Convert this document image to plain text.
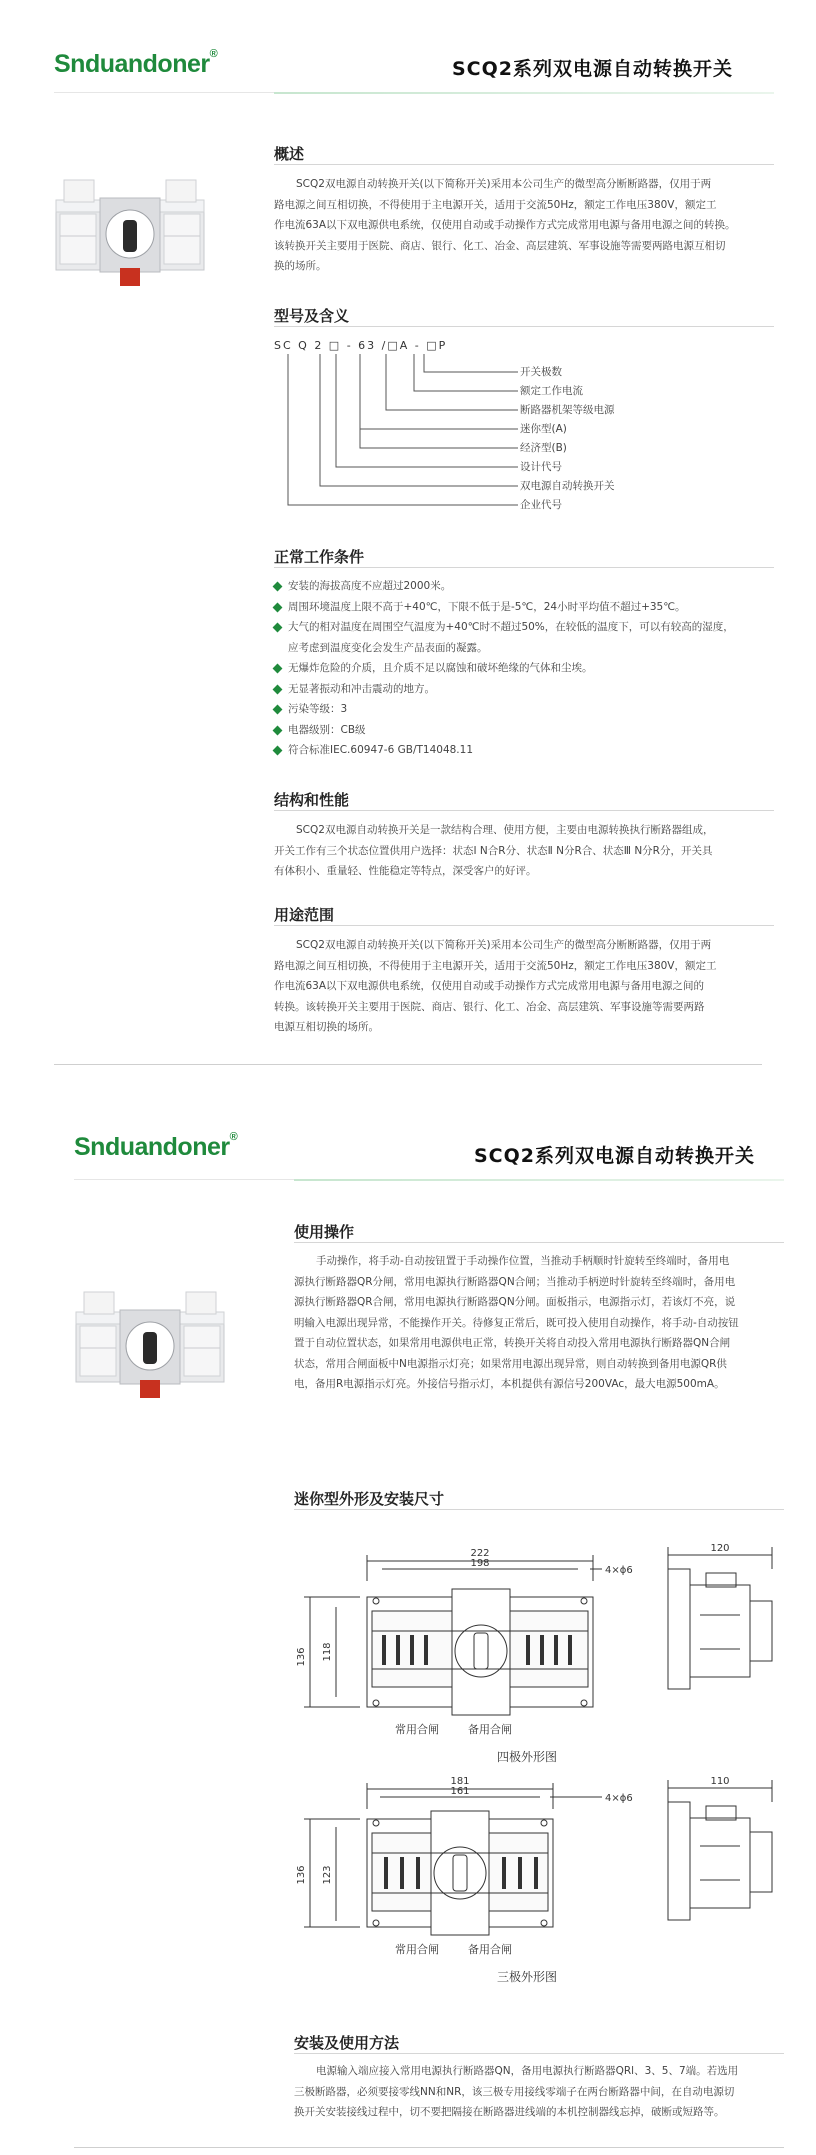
Snduandoner®
SCQ2系列双电源自动转换开关
概述
SCQ2双电源自动转换开关(以下简称开关)采用本公司生产的微型高分断断路器，仅用于两
路电源之间互相切换，不得使用于主电源开关，适用于交流50Hz，额定工作电压380V，额定工
作电流63A以下双电源供电系统，仅使用自动或手动操作方式完成常用电源与备用电源之间的转换。
该转换开关主要用于医院、商店、银行、化工、冶金、高层建筑、军事设施等需要两路电源互相切
换的场所。
型号及含义
SC Q 2 □ - 63 /□A - □P
开关极数
额定工作电流
断路器机架等级电源
迷你型(A)
经济型(B)
设计代号
双电源自动转换开关
企业代号
正常工作条件
安装的海拔高度不应超过2000米。
周围环境温度上限不高于+40℃，下限不低于是-5℃，24小时平均值不超过+35℃。
大气的相对温度在周围空气温度为+40℃时不超过50%，在较低的温度下，可以有较高的湿度，
应考虑到温度变化会发生产品表面的凝露。
无爆炸危险的介质，且介质不足以腐蚀和破坏绝缘的气体和尘埃。
无显著振动和冲击震动的地方。
污染等级：3
电器级别：CB级
符合标准IEC.60947-6 GB/T14048.11
结构和性能
SCQ2双电源自动转换开关是一款结构合理、使用方便，主要由电源转换执行断路器组成，
开关工作有三个状态位置供用户选择：状态Ⅰ N合R分、状态Ⅱ N分R合、状态Ⅲ N分R分，开关具
有体积小、重量轻、性能稳定等特点，深受客户的好评。
用途范围
SCQ2双电源自动转换开关(以下简称开关)采用本公司生产的微型高分断断路器，仅用于两
路电源之间互相切换，不得使用于主电源开关，适用于交流50Hz，额定工作电压380V，额定工
作电流63A以下双电源供电系统，仅使用自动或手动操作方式完成常用电源与备用电源之间的
转换。该转换开关主要用于医院、商店、银行、化工、冶金、高层建筑、军事设施等需要两路
电源互相切换的场所。
Snduandoner®
SCQ2系列双电源自动转换开关
使用操作
手动操作，将手动-自动按钮置于手动操作位置，当推动手柄顺时针旋转至终端时，备用电
源执行断路器QR分闸，常用电源执行断路器QN合闸；当推动手柄逆时针旋转至终端时，备用电
源执行断路器QR合闸，常用电源执行断路器QN分闸。面板指示，电源指示灯，若该灯不亮，说
明输入电源出现异常，不能操作开关。待修复正常后，既可投入使用自动操作，将手动-自动按钮
置于自动位置状态，如果常用电源供电正常，转换开关将自动投入常用电源执行断路器QN合闸
状态，常用合闸面板中N电源指示灯亮；如果常用电源出现异常，则自动转换到备用电源QR供
电，备用R电源指示灯亮。外接信号指示灯，本机提供有源信号200VAc，最大电源500mA。
迷你型外形及安装尺寸
222
198
4×ϕ6
136 118
常用合闸	备用合闸
四极外形图
120
181
161
4×ϕ6
136 123
常用合闸	备用合闸
三极外形图
110
安装及使用方法
电源输入端应接入常用电源执行断路器QN，备用电源执行断路器QRl、3、5、7端。若选用
三极断路器，必须要接零线NN和NR，该三极专用接线零端子在两台断路器中间，在自动电源切
换开关安装接线过程中，切不要把隔接在断路器进线端的本机控制器线忘掉，破断或短路等。
